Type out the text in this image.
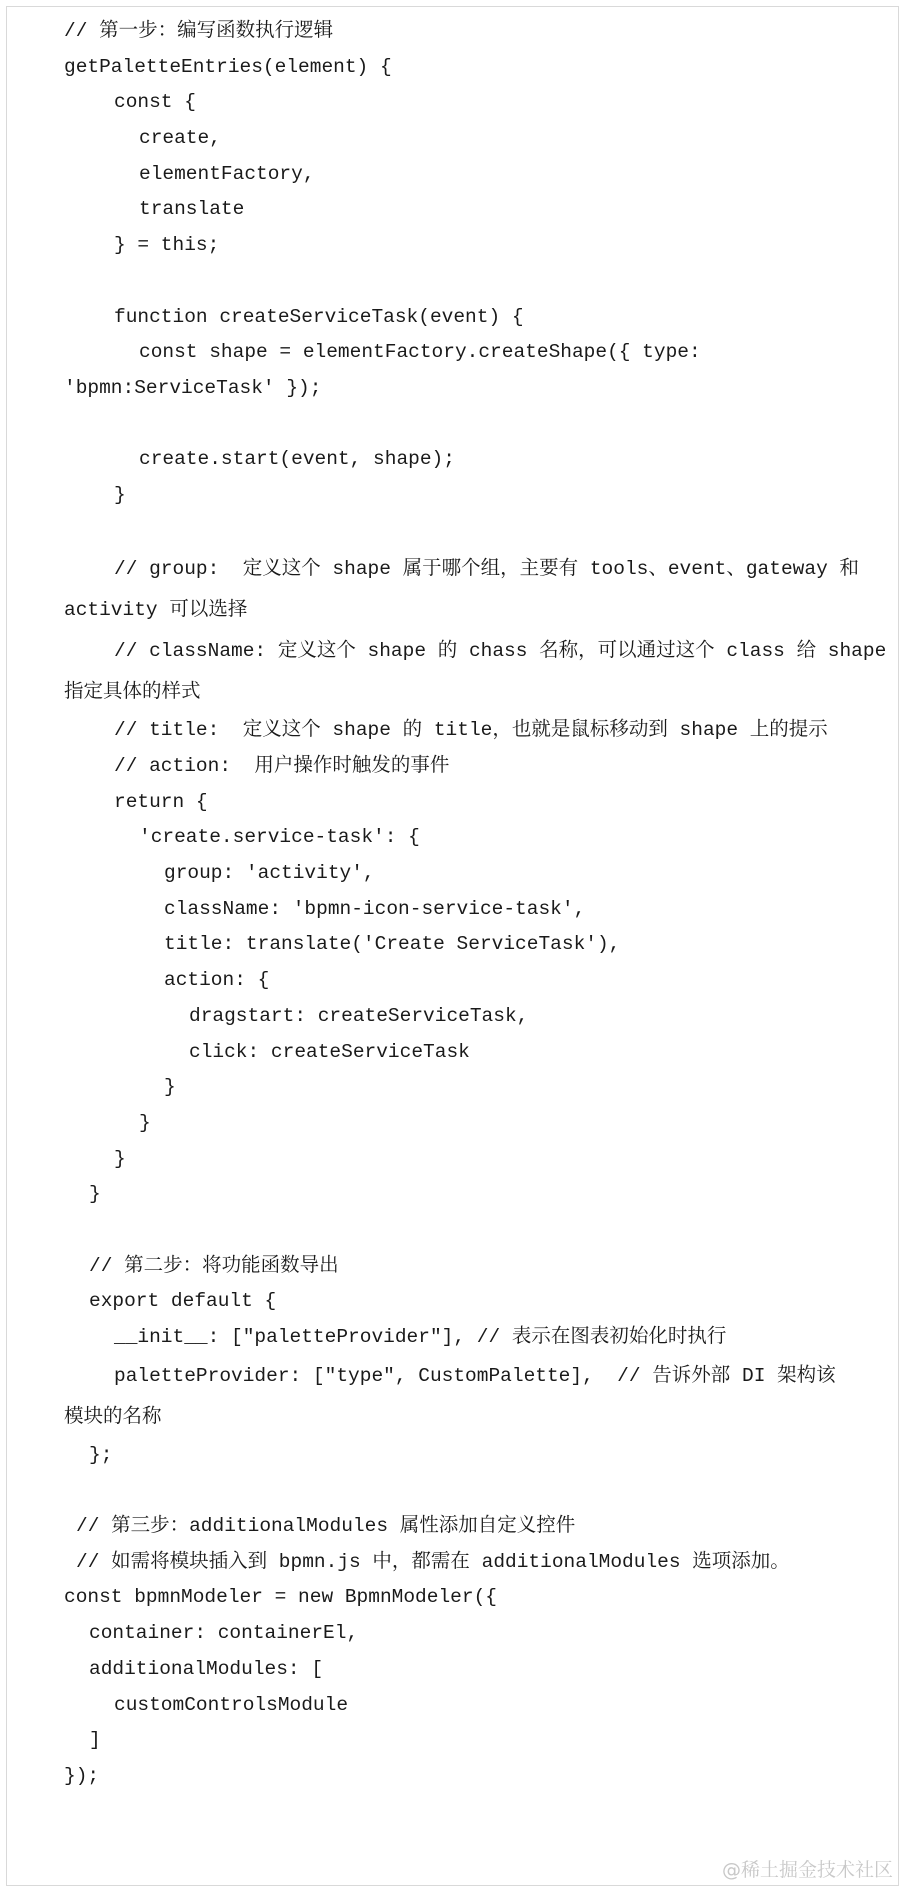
// 第一步：编写函数执行逻辑
getPaletteEntries(element) {
const {
create,
elementFactory,
translate
} = this;
function createServiceTask(event) {
const shape = elementFactory.createShape({ type:
'bpmn:ServiceTask' });
create.start(event, shape);
}
// group:  定义这个 shape 属于哪个组，主要有 tools、event、gateway 和
activity 可以选择
// className: 定义这个 shape 的 chass 名称，可以通过这个 class 给 shape
指定具体的样式
// title:  定义这个 shape 的 title，也就是鼠标移动到 shape 上的提示
// action:  用户操作时触发的事件
return {
'create.service-task': {
group: 'activity',
className: 'bpmn-icon-service-task',
title: translate('Create ServiceTask'),
action: {
dragstart: createServiceTask,
click: createServiceTask
}
}
}
}
// 第二步：将功能函数导出
export default {
__init__: ["paletteProvider"], // 表示在图表初始化时执行
paletteProvider: ["type", CustomPalette],  // 告诉外部 DI 架构该
模块的名称
};
// 第三步：additionalModules 属性添加自定义控件
// 如需将模块插入到 bpmn.js 中，都需在 additionalModules 选项添加。
const bpmnModeler = new BpmnModeler({
container: containerEl,
additionalModules: [
customControlsModule
]
});
@稀土掘金技术社区
